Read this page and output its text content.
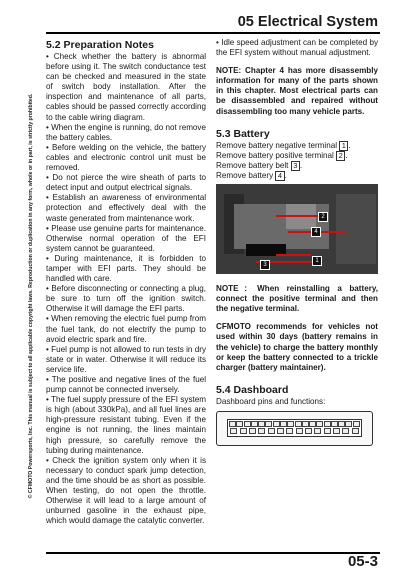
05 Electrical System
© CFMOTO Powersports, Inc. This manual is subject to all applicable copyright laws. Reproduction or duplication in any form, whole or in part, is strictly prohibited.
5.2 Preparation Notes

• Check whether the battery is abnormal before using it. The switch conductance test can be checked and measured in the state of switch body installation. After the inspection and maintenance of all parts, cables should be passed correctly according to the cable wiring diagram.

• When the engine is running, do not remove the battery cables.

• Before welding on the vehicle, the battery cables and electronic control unit must be removed.

• Do not pierce the wire sheath of parts to detect input and output electrical signals.

• Establish an awareness of environmental protection and effectively deal with the waste generated from maintenance work.

• Please use genuine parts for maintenance. Otherwise normal operation of the EFI system cannot be guaranteed.

• During maintenance, it is forbidden to tamper with EFI parts. They should be handled with care.

• Before disconnecting or connecting a plug, be sure to turn off the ignition switch. Otherwise it will damage the EFI parts.

• When removing the electric fuel pump from the fuel tank, do not electrify the pump to avoid electric spark and fire.

• Fuel pump is not allowed to run tests in dry state or in water. Otherwise it will reduce its service life.

• The positive and negative lines of the fuel pump cannot be connected inversely.

• The fuel supply pressure of the EFI system is high (about 330kPa), and all fuel lines are high-pressure resistant tubing. Even if the engine is not running, the lines maintain high pressure, so carefully remove the tubing during maintenance.

• Check the ignition system only when it is necessary to conduct spark jump detection, and the time should be as short as possible. When testing, do not open the throttle. Otherwise it will lead to a large amount of unburned gasoline in the exhaust pipe, which would damage the catalytic converter.

• Idle speed adjustment can be completed by the EFI system without manual adjustment.

NOTE: Chapter 4 has more disassembly information for many of the parts shown in this chapter. Most electrical parts can be disassembled and repaired without disassembling too many vehicle parts.

5.3 Battery
Remove battery negative terminal 1 .
Remove battery positive terminal 2 .
Remove battery belt 3 .
Remove battery 4 .
2
4
1
3

NOTE：When reinstalling a battery, connect the positive terminal and then the negative terminal.

CFMOTO recommends for vehicles not used within 30 days (battery remains in the vehicle) to charge the battery monthly or keep the battery connected to a trickle charger (battery maintainer).

5.4 Dashboard

Dashboard pins and functions:

05-3
